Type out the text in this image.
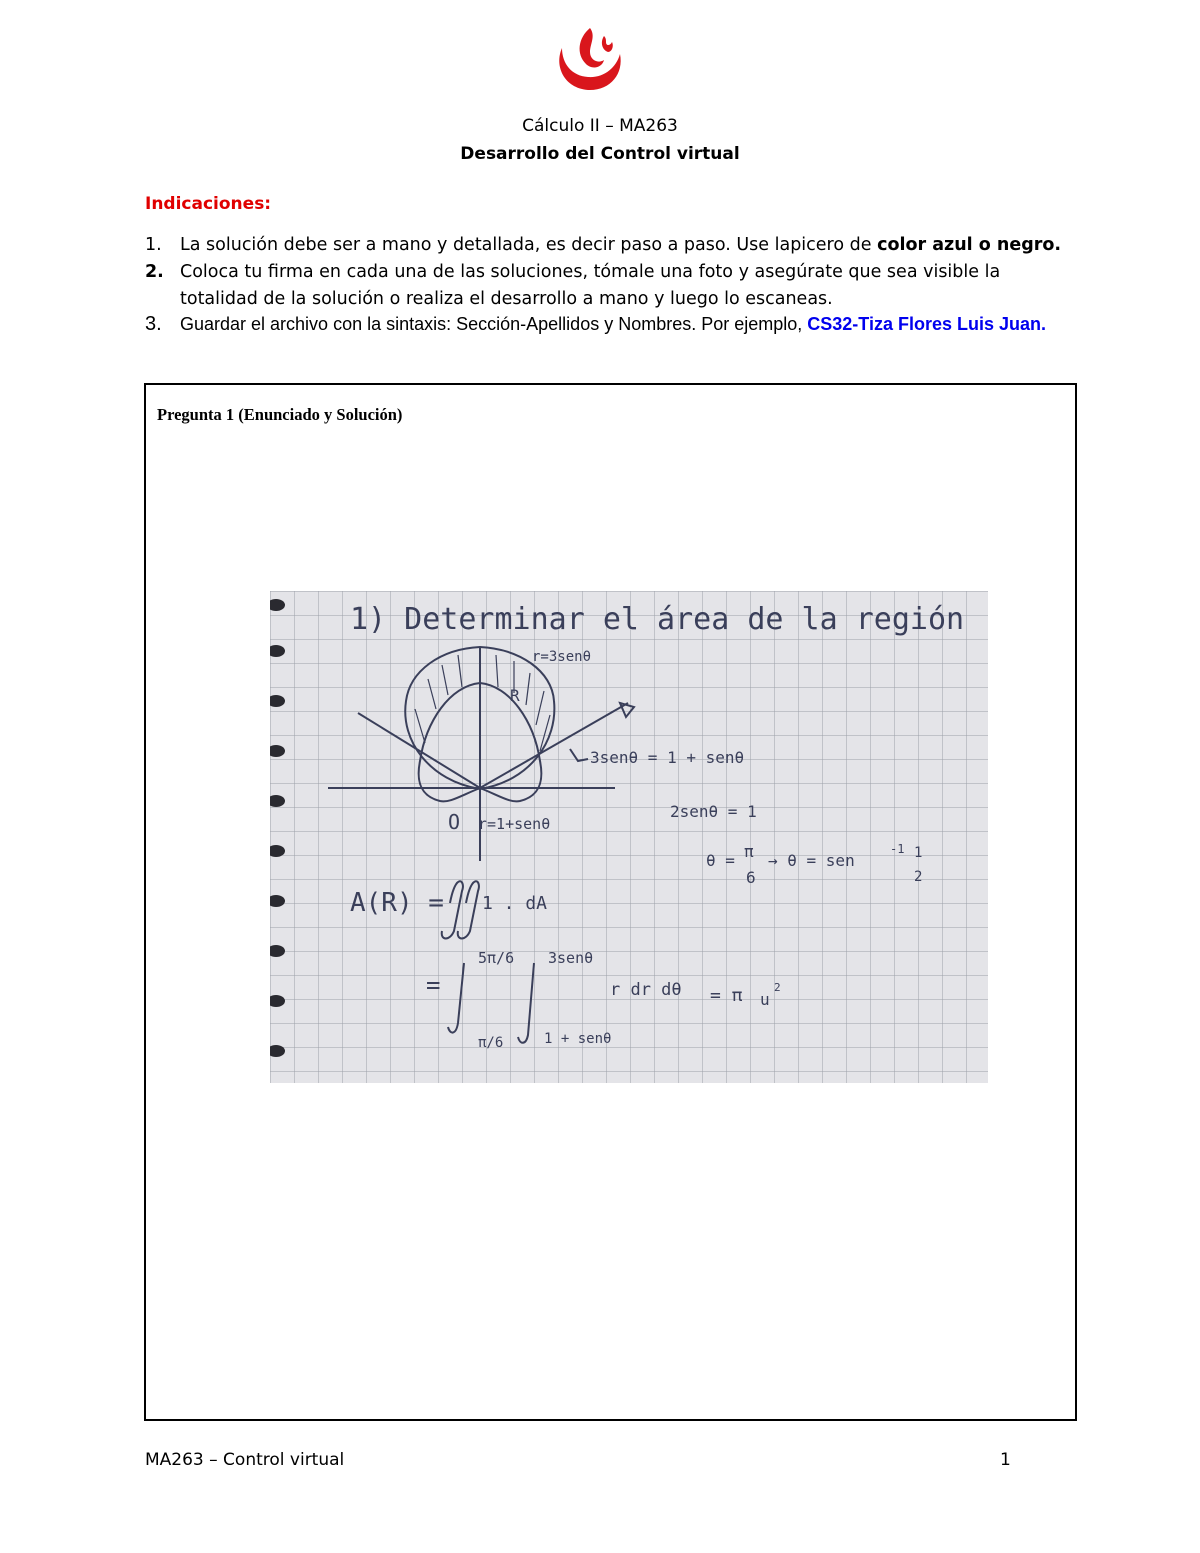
Cálculo II – MA263
Desarrollo del Control virtual
Indicaciones:
1. La solución debe ser a mano y detallada, es decir paso a paso. Use lapicero de color azul o negro.
2. Coloca tu firma en cada una de las soluciones, tómale una foto y asegúrate que sea visible la totalidad de la solución o realiza el desarrollo a mano y luego lo escaneas.
3. Guardar el archivo con la sintaxis: Sección-Apellidos y Nombres. Por ejemplo, CS32-Tiza Flores Luis Juan.
Pregunta 1 (Enunciado y Solución)
1) Determinar el área de la región
r=3senθ
R
O r=1+senθ
3senθ = 1 + senθ
2senθ = 1
θ = π
6
→ θ = sen
-1 1
2
A(R) = 1 . dA
=
5π/6
π/6
3senθ
1 + senθ
r dr dθ = π u
2
MA263 – Control virtual	1
